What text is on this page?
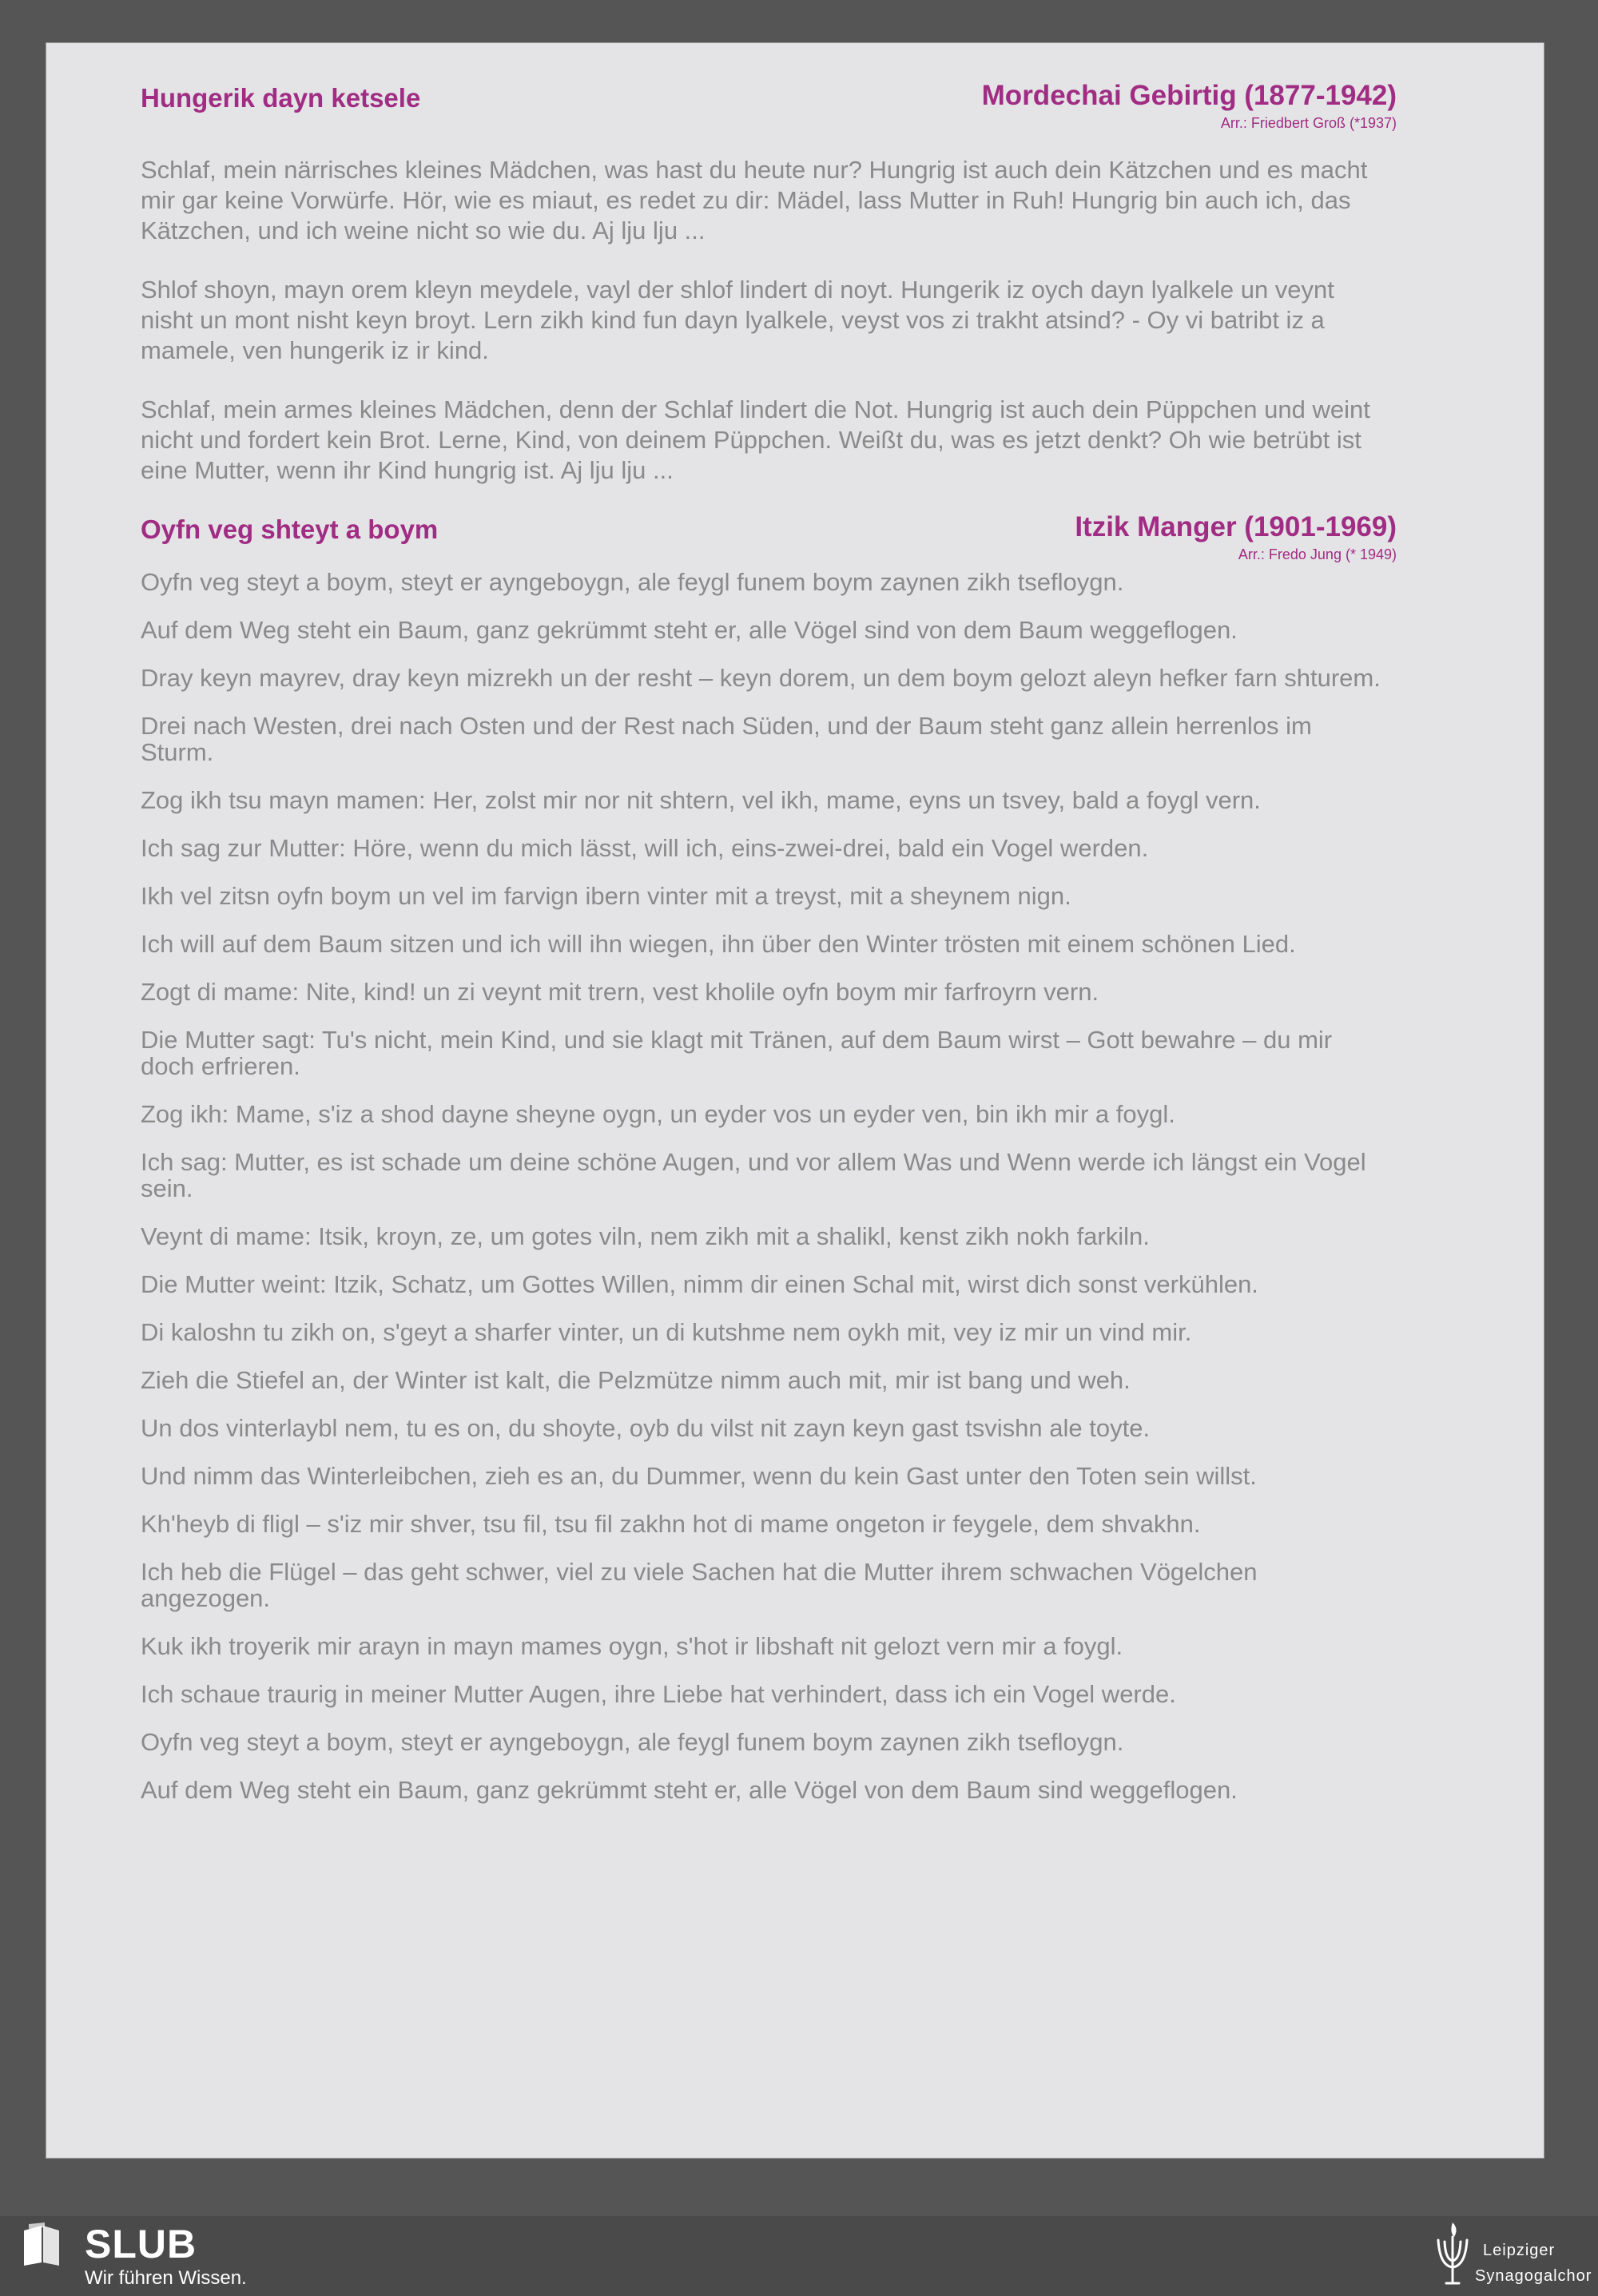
Hungerik dayn ketsele	Mordechai Gebirtig (1877-1942)
Arr.: Friedbert Groß (*1937)

Schlaf, mein närrisches kleines Mädchen, was hast du heute nur? Hungrig ist auch dein Kätzchen und es macht mir gar keine Vorwürfe. Hör, wie es miaut, es redet zu dir: Mädel, lass Mutter in Ruh! Hungrig bin auch ich, das Kätzchen, und ich weine nicht so wie du. Aj lju lju ...

Shlof shoyn, mayn orem kleyn meydele, vayl der shlof lindert di noyt. Hungerik iz oych dayn lyalkele un veynt nisht un mont nisht keyn broyt. Lern zikh kind fun dayn lyalkele, veyst vos zi trakht atsind? - Oy vi batribt iz a mamele, ven hungerik iz ir kind.

Schlaf, mein armes kleines Mädchen, denn der Schlaf lindert die Not. Hungrig ist auch dein Püppchen und weint nicht und fordert kein Brot. Lerne, Kind, von deinem Püppchen. Weißt du, was es jetzt denkt? Oh wie betrübt ist eine Mutter, wenn ihr Kind hungrig ist. Aj lju lju ...

Oyfn veg shteyt a boym	Itzik Manger (1901-1969)
Arr.: Fredo Jung (* 1949)

Oyfn veg steyt a boym, steyt er ayngeboygn, ale feygl funem boym zaynen zikh tsefloygn.

Auf dem Weg steht ein Baum, ganz gekrümmt steht er, alle Vögel sind von dem Baum weggeflogen.

Dray keyn mayrev, dray keyn mizrekh un der resht – keyn dorem, un dem boym gelozt aleyn hefker farn shturem.

Drei nach Westen, drei nach Osten und der Rest nach Süden, und der Baum steht ganz allein herrenlos im Sturm.

Zog ikh tsu mayn mamen: Her, zolst mir nor nit shtern, vel ikh, mame, eyns un tsvey, bald a foygl vern.

Ich sag zur Mutter: Höre, wenn du mich lässt, will ich, eins-zwei-drei, bald ein Vogel werden.

Ikh vel zitsn oyfn boym un vel im farvign ibern vinter mit a treyst, mit a sheynem nign.

Ich will auf dem Baum sitzen und ich will ihn wiegen, ihn über den Winter trösten mit einem schönen Lied.

Zogt di mame: Nite, kind! un zi veynt mit trern, vest kholile oyfn boym mir farfroyrn vern.

Die Mutter sagt: Tu's nicht, mein Kind, und sie klagt mit Tränen, auf dem Baum wirst – Gott bewahre – du mir doch erfrieren.

Zog ikh: Mame, s'iz a shod dayne sheyne oygn, un eyder vos un eyder ven, bin ikh mir a foygl.

Ich sag: Mutter, es ist schade um deine schöne Augen, und vor allem Was und Wenn werde ich längst ein Vogel sein.

Veynt di mame: Itsik, kroyn, ze, um gotes viln, nem zikh mit a shalikl, kenst zikh nokh farkiln.

Die Mutter weint: Itzik, Schatz, um Gottes Willen, nimm dir einen Schal mit, wirst dich sonst verkühlen.

Di kaloshn tu zikh on, s'geyt a sharfer vinter, un di kutshme nem oykh mit, vey iz mir un vind mir.

Zieh die Stiefel an, der Winter ist kalt, die Pelzmütze nimm auch mit, mir ist bang und weh.

Un dos vinterlaybl nem, tu es on, du shoyte, oyb du vilst nit zayn keyn gast tsvishn ale toyte.

Und nimm das Winterleibchen, zieh es an, du Dummer, wenn du kein Gast unter den Toten sein willst.

Kh'heyb di fligl – s'iz mir shver, tsu fil, tsu fil zakhn hot di mame ongeton ir feygele, dem shvakhn.

Ich heb die Flügel – das geht schwer, viel zu viele Sachen hat die Mutter ihrem schwachen Vögelchen angezogen.

Kuk ikh troyerik mir arayn in mayn mames oygn, s'hot ir libshaft nit gelozt vern mir a foygl.

Ich schaue traurig in meiner Mutter Augen, ihre Liebe hat verhindert, dass ich ein Vogel werde.

Oyfn veg steyt a boym, steyt er ayngeboygn, ale feygl funem boym zaynen zikh tsefloygn.

Auf dem Weg steht ein Baum, ganz gekrümmt steht er, alle Vögel von dem Baum sind weggeflogen.

SLUB
Wir führen Wissen.
Leipziger
Synagogalchor
